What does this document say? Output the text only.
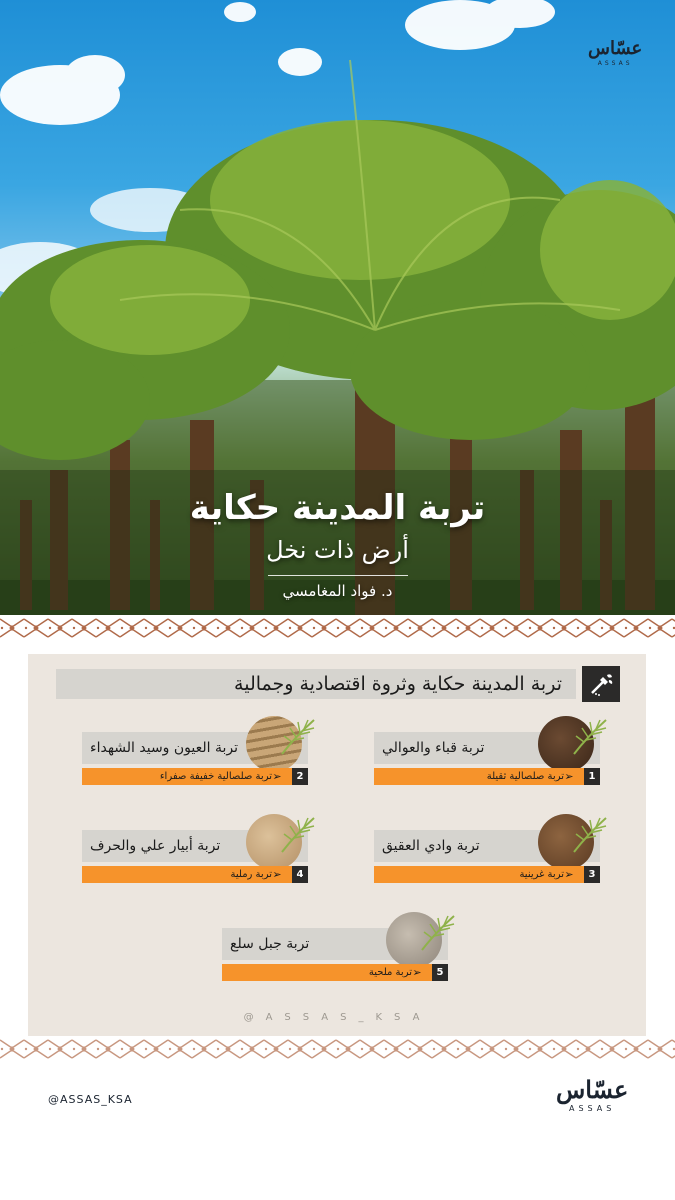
عسّاس
ASSAS
تربة المدينة حكاية
أرض ذات نخل
د. فواد المغامسي
تربة المدينة حكاية وثروة اقتصادية وجمالية
تربة قباء والعوالي
➢
تربة صلصالية ثقيلة	1
تربة العيون وسيد الشهداء
➢
تربة صلصالية خفيفة صفراء	2
تربة وادي العقيق
➢
تربة غرينية	3
تربة أبيار علي والحرف
➢
تربة رملية	4
تربة جبل سلع
➢
تربة ملحية	5
@ASSAS_KSA
@ASSAS_KSA	عسّاس
ASSAS
